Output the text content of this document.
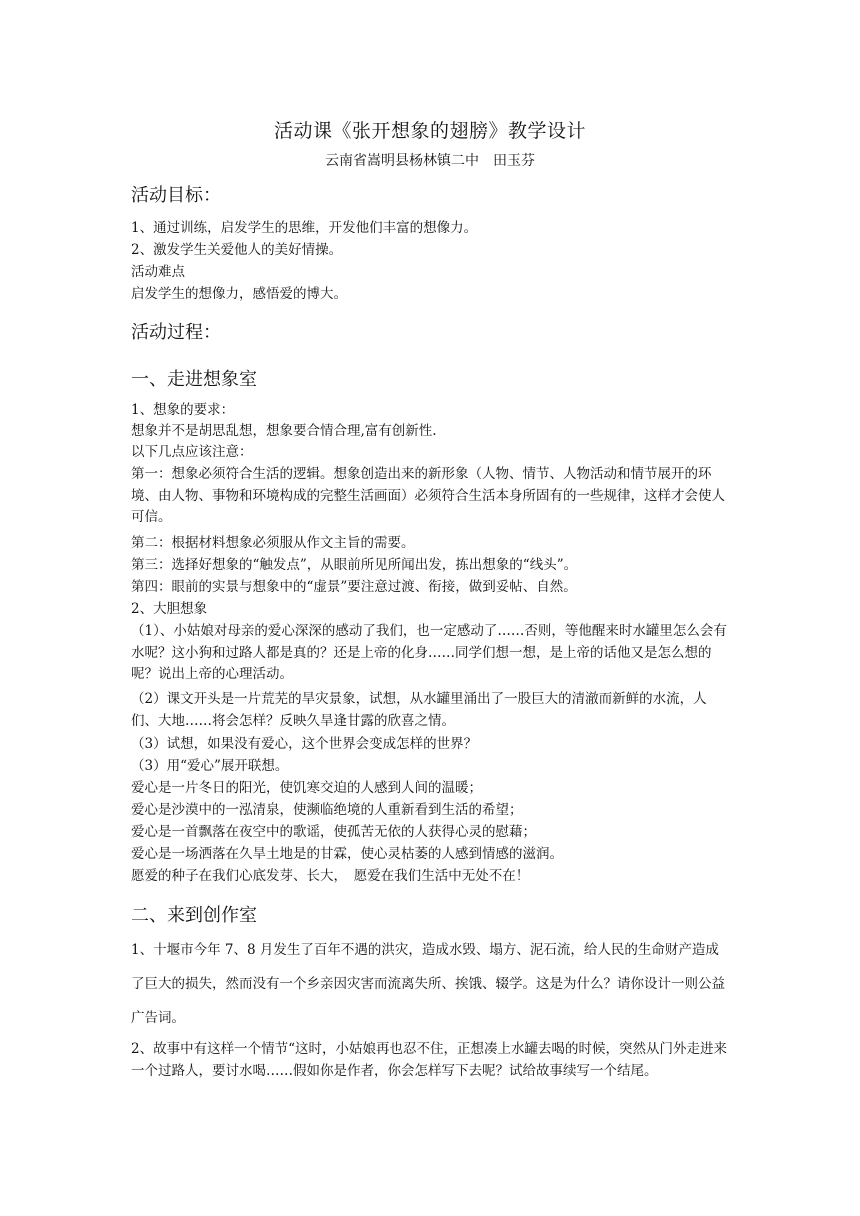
活动课《张开想象的翅膀》教学设计
云南省嵩明县杨林镇二中　田玉芬
活动目标：
1、通过训练，启发学生的思维，开发他们丰富的想像力。
2、激发学生关爱他人的美好情操。
活动难点
启发学生的想像力，感悟爱的博大。
活动过程：
一、走进想象室
1、想象的要求：
想象并不是胡思乱想，想象要合情合理,富有创新性.
以下几点应该注意：
第一：想象必须符合生活的逻辑。想象创造出来的新形象（人物、情节、人物活动和情节展开的环境、由人物、事物和环境构成的完整生活画面）必须符合生活本身所固有的一些规律，这样才会使人可信。
第二：根据材料想象必须服从作文主旨的需要。
第三：选择好想象的“触发点”，从眼前所见所闻出发，拣出想象的“线头”。
第四：眼前的实景与想象中的“虚景”要注意过渡、衔接，做到妥帖、自然。
2、大胆想象
（1）、小姑娘对母亲的爱心深深的感动了我们，也一定感动了……否则，等他醒来时水罐里怎么会有水呢？这小狗和过路人都是真的？还是上帝的化身……同学们想一想，是上帝的话他又是怎么想的呢？说出上帝的心理活动。
（2）课文开头是一片荒芜的旱灾景象，试想，从水罐里涌出了一股巨大的清澈而新鲜的水流，人们、大地……将会怎样？反映久旱逢甘露的欣喜之情。
（3）试想，如果没有爱心，这个世界会变成怎样的世界？
（3）用“爱心”展开联想。
爱心是一片冬日的阳光，使饥寒交迫的人感到人间的温暖；
爱心是沙漠中的一泓清泉，使濒临绝境的人重新看到生活的希望；
爱心是一首飘落在夜空中的歌谣，使孤苦无依的人获得心灵的慰藉；
爱心是一场洒落在久旱土地是的甘霖，使心灵枯萎的人感到情感的滋润。
愿爱的种子在我们心底发芽、长大，　愿爱在我们生活中无处不在！
二、来到创作室
1、十堰市今年 7、8 月发生了百年不遇的洪灾，造成水毁、塌方、泥石流，给人民的生命财产造成了巨大的损失，然而没有一个乡亲因灾害而流离失所、挨饿、辍学。这是为什么？请你设计一则公益广告词。
2、故事中有这样一个情节“这时，小姑娘再也忍不住，正想凑上水罐去喝的时候，突然从门外走进来一个过路人，要讨水喝……假如你是作者，你会怎样写下去呢？试给故事续写一个结尾。
